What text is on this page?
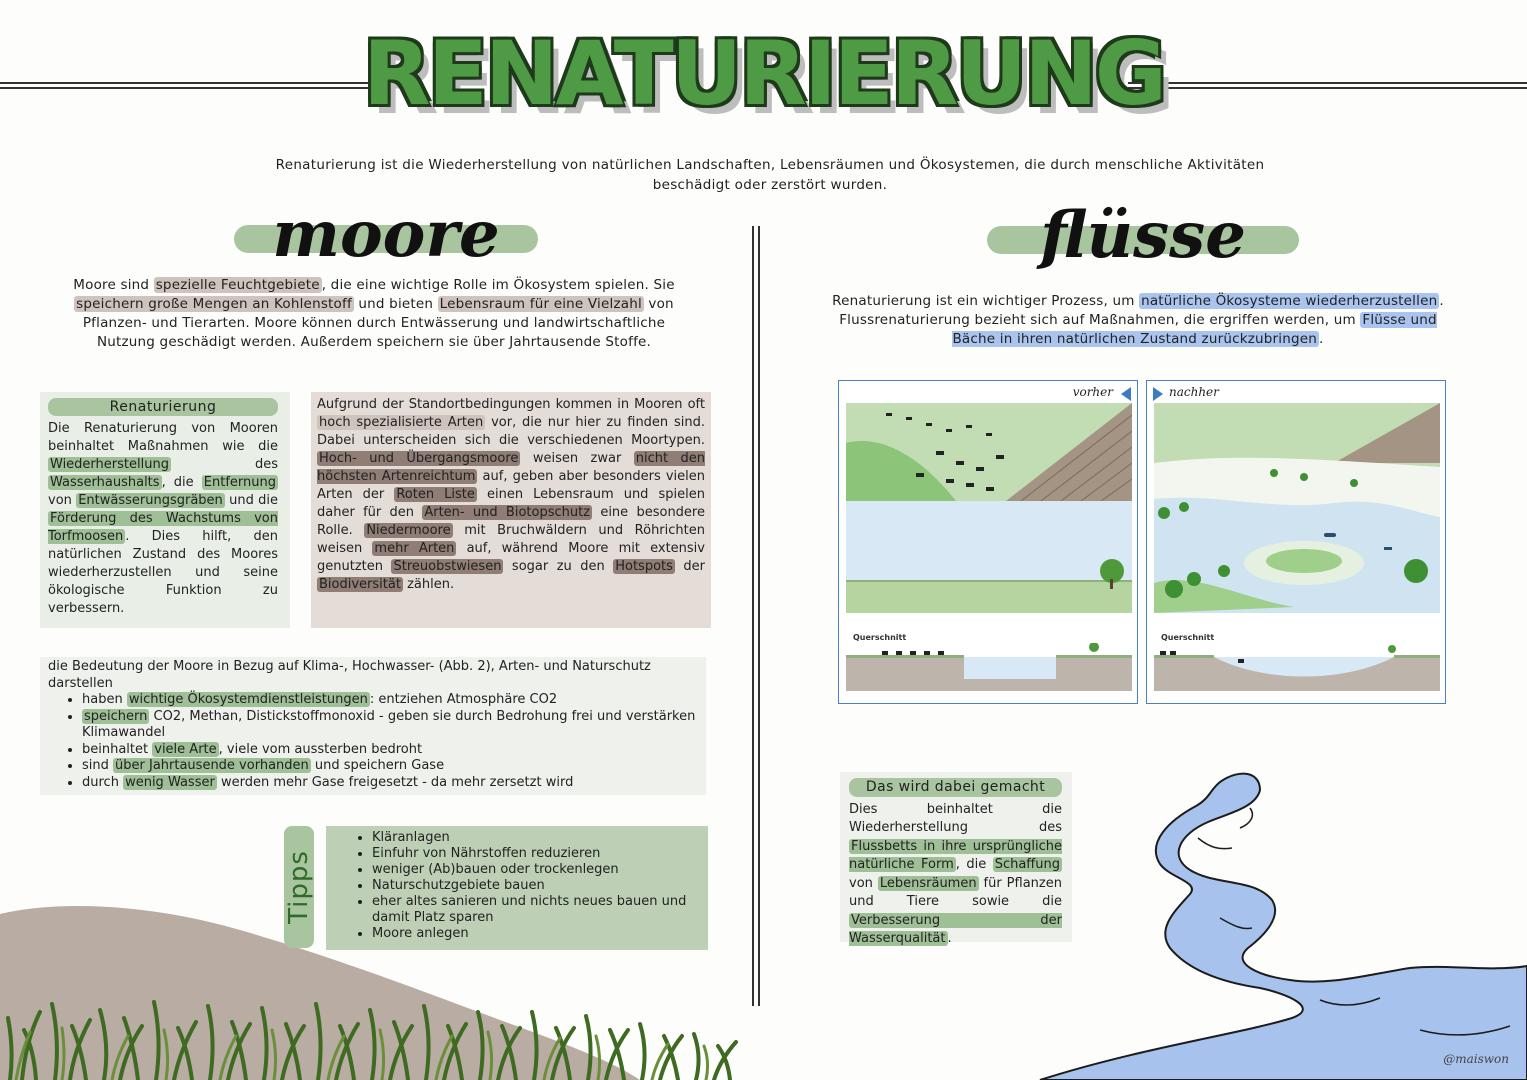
RENATURIERUNG
Renaturierung ist die Wiederherstellung von natürlichen Landschaften, Lebensräumen und Ökosystemen, die durch menschliche Aktivitäten beschädigt oder zerstört wurden.
moore
Moore sind spezielle Feuchtgebiete , die eine wichtige Rolle im Ökosystem spielen. Sie speichern große Mengen an Kohlenstoff und bieten Lebensraum für eine Vielzahl von Pflanzen- und Tierarten. Moore können durch Entwässerung und landwirtschaftliche Nutzung geschädigt werden. Außerdem speichern sie über Jahrtausende Stoffe.
Renaturierung
Die Renaturierung von Mooren beinhaltet Maßnahmen wie die Wiederherstellung des Wasserhaushalts , die Entfernung von Entwässerungsgräben und die Förderung des Wachstums von Torfmoosen . Dies hilft, den natürlichen Zustand des Moores wiederherzustellen und seine ökologische Funktion zu verbessern.
Aufgrund der Standortbedingungen kommen in Mooren oft hoch spezialisierte Arten vor, die nur hier zu finden sind. Dabei unterscheiden sich die verschiedenen Moortypen. Hoch- und Übergangsmoore weisen zwar nicht den höchsten Artenreichtum auf, geben aber besonders vielen Arten der Roten Liste einen Lebensraum und spielen daher für den Arten- und Biotopschutz eine besondere Rolle. Niedermoore mit Bruchwäldern und Röhrichten weisen mehr Arten auf, während Moore mit extensiv genutzten Streuobstwiesen sogar zu den Hotspots der Biodiversität zählen.
die Bedeutung der Moore in Bezug auf Klima-, Hochwasser- (Abb. 2), Arten- und Naturschutz darstellen
• haben wichtige Ökosystemdienstleistungen : entziehen Atmosphäre CO2
• speichern CO2, Methan, Distickstoffmonoxid - geben sie durch Bedrohung frei und verstärken Klimawandel
• beinhaltet viele Arte , viele vom aussterben bedroht
• sind über Jahrtausende vorhanden und speichern Gase
• durch wenig Wasser werden mehr Gase freigesetzt - da mehr zersetzt wird
Tipps
• Kläranlagen
• Einfuhr von Nährstoffen reduzieren
• weniger (Ab)bauen oder trockenlegen
• Naturschutzgebiete bauen
• eher altes sanieren und nichts neues bauen und damit Platz sparen
• Moore anlegen
flüsse
Renaturierung ist ein wichtiger Prozess, um natürliche Ökosysteme wiederherzustellen . Flussrenaturierung bezieht sich auf Maßnahmen, die ergriffen werden, um Flüsse und Bäche in ihren natürlichen Zustand zurückzubringen .
vorher
Querschnitt
nachher
Querschnitt
Das wird dabei gemacht
Dies beinhaltet die Wiederherstellung des Flussbetts in ihre ursprüngliche natürliche Form , die Schaffung von Lebensräumen für Pflanzen und Tiere sowie die Verbesserung der Wasserqualität .
@maiswon
